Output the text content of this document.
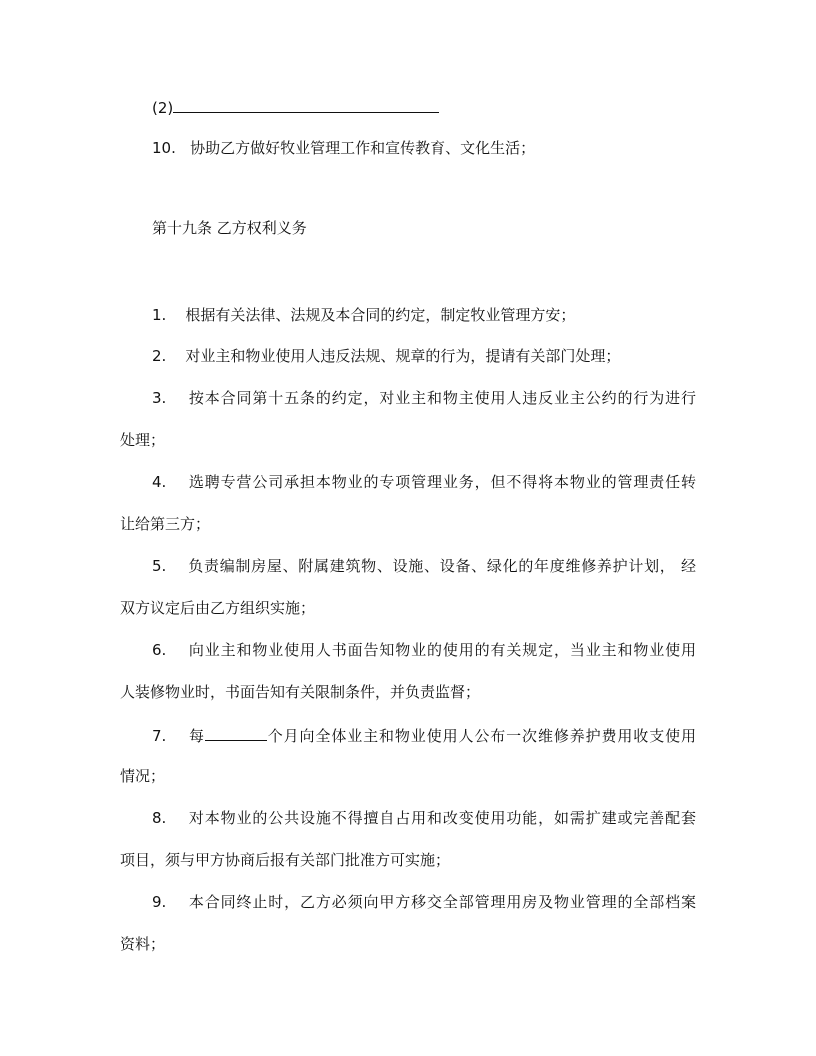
(2)
10. 协助乙方做好牧业管理工作和宣传教育、文化生活；
第十九条 乙方权利义务
1. 根据有关法律、法规及本合同的约定，制定牧业管理方安；
2. 对业主和物业使用人违反法规、规章的行为，提请有关部门处理；
3. 按本合同第十五条的约定，对业主和物主使用人违反业主公约的行为进行
处理；
4. 选聘专营公司承担本物业的专项管理业务，但不得将本物业的管理责任转
让给第三方；
5. 负责编制房屋、附属建筑物、设施、设备、绿化的年度维修养护计划， 经
双方议定后由乙方组织实施；
6. 向业主和物业使用人书面告知物业的使用的有关规定，当业主和物业使用
人装修物业时，书面告知有关限制条件，并负责监督；
7. 每	个月向全体业主和物业使用人公布一次维修养护费用收支使用
情况；
8. 对本物业的公共设施不得擅自占用和改变使用功能，如需扩建或完善配套
项目，须与甲方协商后报有关部门批准方可实施；
9. 本合同终止时，乙方必须向甲方移交全部管理用房及物业管理的全部档案
资料；
